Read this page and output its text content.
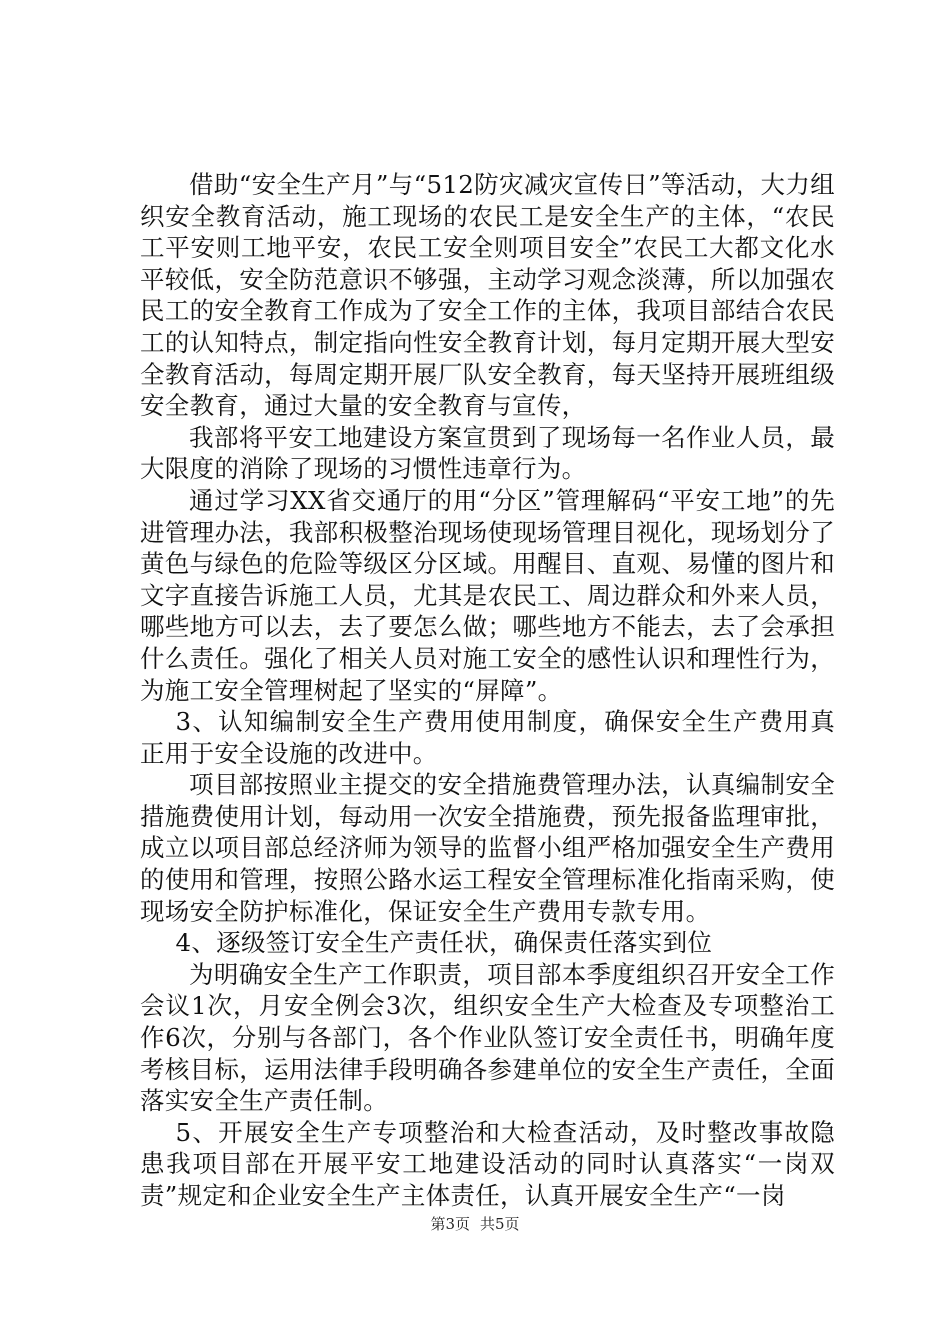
借助“安全生产月”与“512防灾减灾宣传日”等活动，大力组织安全教育活动，施工现场的农民工是安全生产的主体，“农民工平安则工地平安，农民工安全则项目安全”农民工大都文化水平较低，安全防范意识不够强，主动学习观念淡薄，所以加强农民工的安全教育工作成为了安全工作的主体，我项目部结合农民工的认知特点，制定指向性安全教育计划，每月定期开展大型安全教育活动，每周定期开展厂队安全教育，每天坚持开展班组级安全教育，通过大量的安全教育与宣传，

我部将平安工地建设方案宣贯到了现场每一名作业人员，最大限度的消除了现场的习惯性违章行为。

通过学习XX省交通厅的用“分区”管理解码“平安工地”的先进管理办法，我部积极整治现场使现场管理目视化，现场划分了黄色与绿色的危险等级区分区域。用醒目、直观、易懂的图片和文字直接告诉施工人员，尤其是农民工、周边群众和外来人员，哪些地方可以去，去了要怎么做；哪些地方不能去，去了会承担什么责任。强化了相关人员对施工安全的感性认识和理性行为，为施工安全管理树起了坚实的“屏障”。

3、认知编制安全生产费用使用制度，确保安全生产费用真正用于安全设施的改进中。

项目部按照业主提交的安全措施费管理办法，认真编制安全措施费使用计划，每动用一次安全措施费，预先报备监理审批，成立以项目部总经济师为领导的监督小组严格加强安全生产费用的使用和管理，按照公路水运工程安全管理标准化指南采购，使现场安全防护标准化，保证安全生产费用专款专用。

4、逐级签订安全生产责任状，确保责任落实到位

为明确安全生产工作职责，项目部本季度组织召开安全工作会议1次，月安全例会3次，组织安全生产大检查及专项整治工作6次，分别与各部门，各个作业队签订安全责任书，明确年度考核目标，运用法律手段明确各参建单位的安全生产责任，全面落实安全生产责任制。

5、开展安全生产专项整治和大检查活动，及时整改事故隐患我项目部在开展平安工地建设活动的同时认真落实“一岗双责”规定和企业安全生产主体责任，认真开展安全生产“一岗

第3页 共5页
